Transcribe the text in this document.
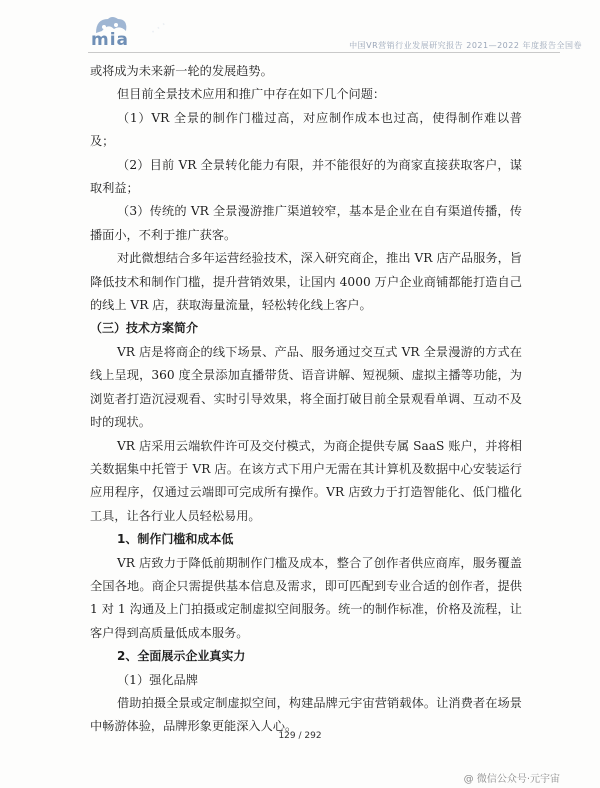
···
mia	中国VR营销行业发展研究报告 2021—2022 年度报告全国卷

或将成为未来新一轮的发展趋势。

但目前全景技术应用和推广中存在如下几个问题：

（1）VR 全景的制作门槛过高，对应制作成本也过高，使得制作难以普及；

（2）目前 VR 全景转化能力有限，并不能很好的为商家直接获取客户，谋取利益；

（3）传统的 VR 全景漫游推广渠道较窄，基本是企业在自有渠道传播，传播面小，不利于推广获客。

对此微想结合多年运营经验技术，深入研究商企，推出 VR 店产品服务，旨降低技术和制作门槛，提升营销效果，让国内 4000 万户企业商铺都能打造自己的线上 VR 店，获取海量流量，轻松转化线上客户。

（三）技术方案简介

VR 店是将商企的线下场景、产品、服务通过交互式 VR 全景漫游的方式在线上呈现，360 度全景添加直播带货、语音讲解、短视频、虚拟主播等功能，为浏览者打造沉浸观看、实时引导效果，将全面打破目前全景观看单调、互动不及时的现状。

VR 店采用云端软件许可及交付模式，为商企提供专属 SaaS 账户，并将相关数据集中托管于 VR 店。在该方式下用户无需在其计算机及数据中心安装运行应用程序，仅通过云端即可完成所有操作。VR 店致力于打造智能化、低门槛化工具，让各行业人员轻松易用。

1、制作门槛和成本低

VR 店致力于降低前期制作门槛及成本，整合了创作者供应商库，服务覆盖全国各地。商企只需提供基本信息及需求，即可匹配到专业合适的创作者，提供 1 对 1 沟通及上门拍摄或定制虚拟空间服务。统一的制作标准，价格及流程，让客户得到高质量低成本服务。

2、全面展示企业真实力

（1）强化品牌

借助拍摄全景或定制虚拟空间，构建品牌元宇宙营销载体。让消费者在场景中畅游体验，品牌形象更能深入人心。

129 / 292
@ 微信公众号·元宇宙
